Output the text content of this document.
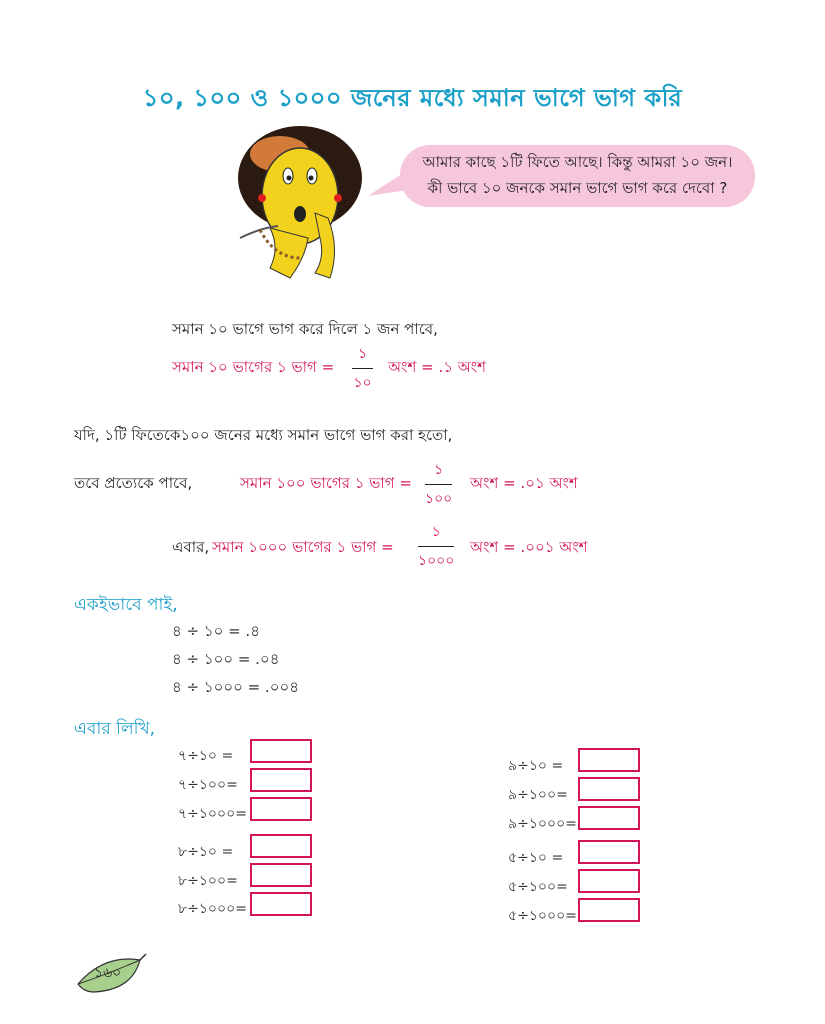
১০, ১০০ ও ১০০০ জনের মধ্যে সমান ভাগে ভাগ করি
আমার কাছে ১টি ফিতে আছে। কিন্তু আমরা ১০ জন।
কী ভাবে ১০ জনকে সমান ভাগে ভাগ করে দেবো ?
সমান ১০ ভাগে ভাগ করে দিলে ১ জন পাবে,
সমান ১০ ভাগের ১ ভাগ =
১
১০
অংশ = .১ অংশ
যদি, ১টি ফিতেকে১০০ জনের মধ্যে সমান ভাগে ভাগ করা হতো,
তবে প্রত্যেকে পাবে,	সমান ১০০ ভাগের ১ ভাগ =
১
১০০
অংশ = .০১ অংশ
এবার, সমান ১০০০ ভাগের ১ ভাগ =
১
১০০০
অংশ = .০০১ অংশ
একইভাবে পাই,
৪ ÷ ১০ = .৪
৪ ÷ ১০০ = .০৪
৪ ÷ ১০০০ = .০০৪
এবার লিখি,
৭÷১০ =
৭÷১০০=
৭÷১০০০=
৮÷১০ =
৮÷১০০=
৮÷১০০০=
৯÷১০ =
৯÷১০০=
৯÷১০০০=
৫÷১০ =
৫÷১০০=
৫÷১০০০=
১৬০
